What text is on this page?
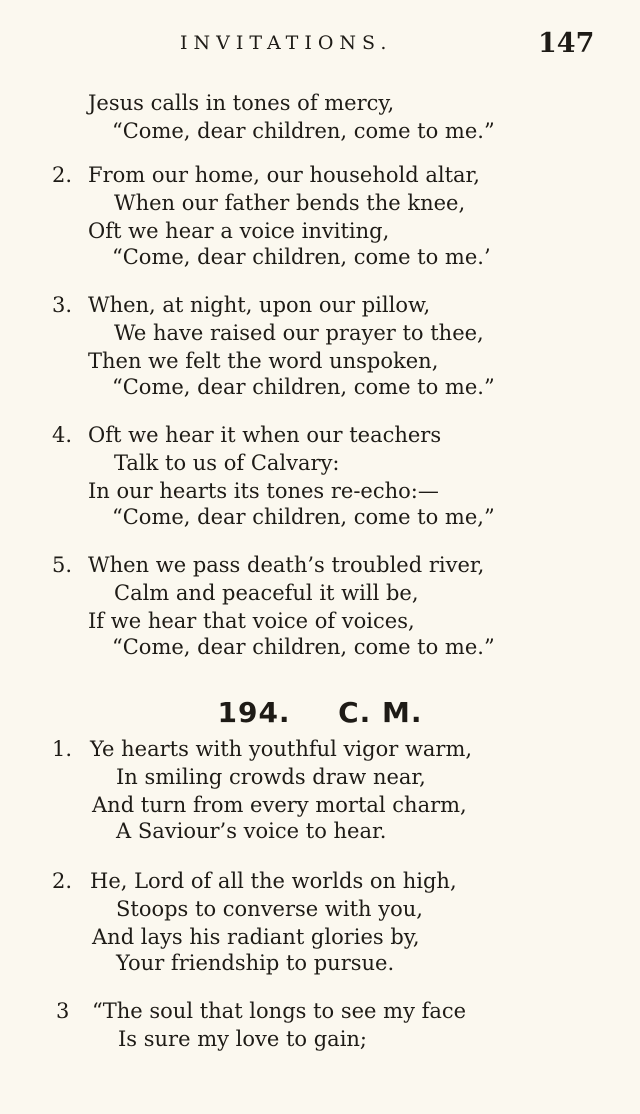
INVITATIONS.	147
Jesus calls in tones of mercy,
“Come, dear children, come to me.”
2. From our home, our household altar,
When our father bends the knee,
Oft we hear a voice inviting,
“Come, dear children, come to me.’
3. When, at night, upon our pillow,
We have raised our prayer to thee,
Then we felt the word unspoken,
“Come, dear children, come to me.”
4. Oft we hear it when our teachers
Talk to us of Calvary:
In our hearts its tones re-echo:—
“Come, dear children, come to me,”
5. When we pass death’s troubled river,
Calm and peaceful it will be,
If we hear that voice of voices,
“Come, dear children, come to me.”
194. C. M.
1. Ye hearts with youthful vigor warm,
In smiling crowds draw near,
And turn from every mortal charm,
A Saviour’s voice to hear.
2. He, Lord of all the worlds on high,
Stoops to converse with you,
And lays his radiant glories by,
Your friendship to pursue.
3 “The soul that longs to see my face
Is sure my love to gain;
